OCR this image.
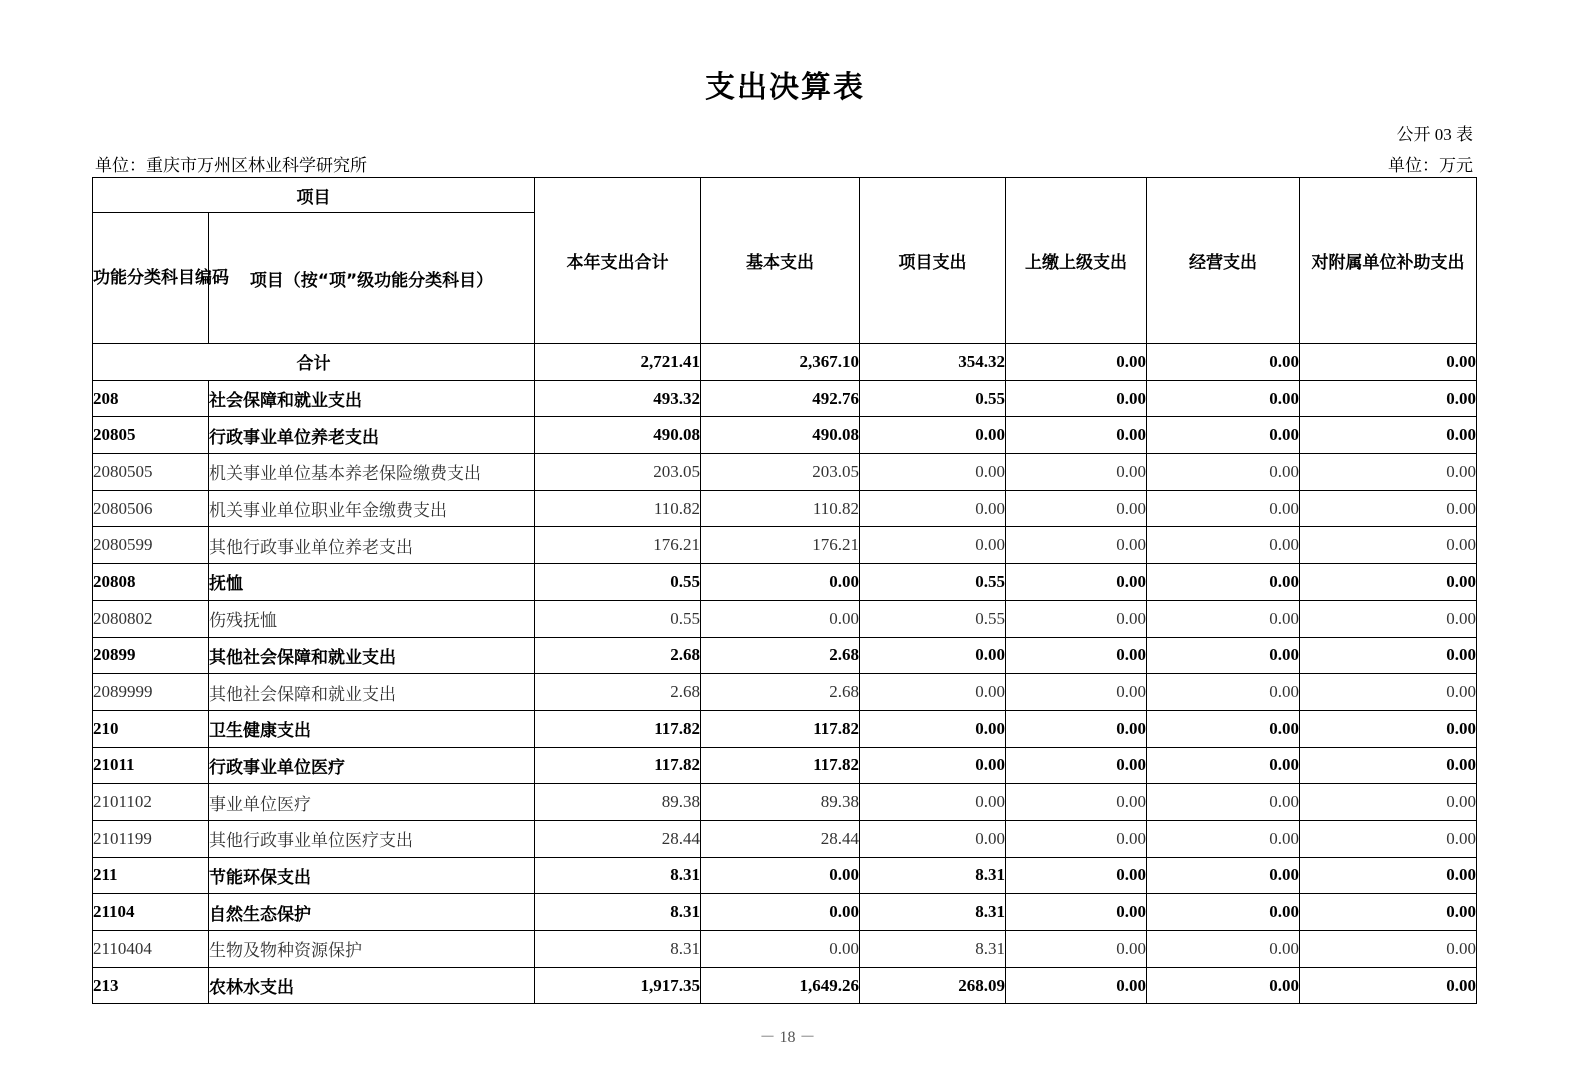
支出决算表
公开 03 表
单位：重庆市万州区林业科学研究所	单位：万元
项目		本年支出合计	基本支出	项目支出	上缴上级支出	经营支出	对附属单位补助支出
功能分类科目编码	项目（按“项”级功能分类科目）						
合计		2,721.41	2,367.10	354.32	0.00	0.00	0.00
208	社会保障和就业支出	493.32	492.76	0.55	0.00	0.00	0.00
20805	行政事业单位养老支出	490.08	490.08	0.00	0.00	0.00	0.00
2080505	机关事业单位基本养老保险缴费支出	203.05	203.05	0.00	0.00	0.00	0.00
2080506	机关事业单位职业年金缴费支出	110.82	110.82	0.00	0.00	0.00	0.00
2080599	其他行政事业单位养老支出	176.21	176.21	0.00	0.00	0.00	0.00
20808	抚恤	0.55	0.00	0.55	0.00	0.00	0.00
2080802	伤残抚恤	0.55	0.00	0.55	0.00	0.00	0.00
20899	其他社会保障和就业支出	2.68	2.68	0.00	0.00	0.00	0.00
2089999	其他社会保障和就业支出	2.68	2.68	0.00	0.00	0.00	0.00
210	卫生健康支出	117.82	117.82	0.00	0.00	0.00	0.00
21011	行政事业单位医疗	117.82	117.82	0.00	0.00	0.00	0.00
2101102	事业单位医疗	89.38	89.38	0.00	0.00	0.00	0.00
2101199	其他行政事业单位医疗支出	28.44	28.44	0.00	0.00	0.00	0.00
211	节能环保支出	8.31	0.00	8.31	0.00	0.00	0.00
21104	自然生态保护	8.31	0.00	8.31	0.00	0.00	0.00
2110404	生物及物种资源保护	8.31	0.00	8.31	0.00	0.00	0.00
213	农林水支出	1,917.35	1,649.26	268.09	0.00	0.00	0.00
－ 18 －
